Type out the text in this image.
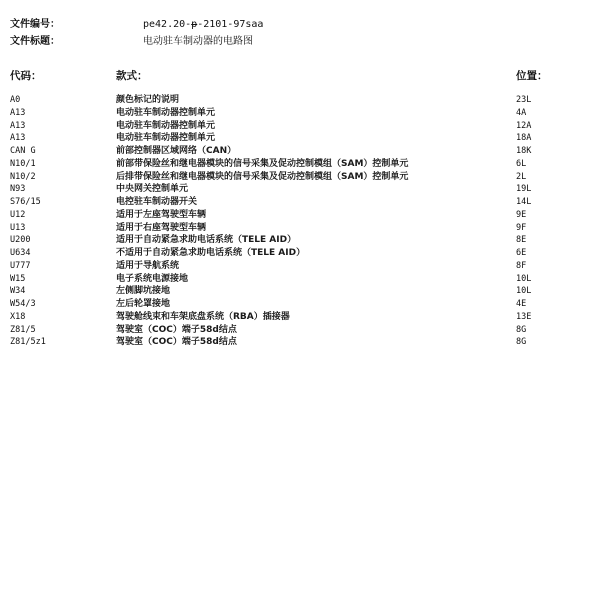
文件编号：	pe42.20-p-2101-97saa
文件标题：	电动驻车制动器的电路图
代码：	款式：	位置：
A0	颜色标记的说明	23L
A13	电动驻车制动器控制单元	4A
A13	电动驻车制动器控制单元	12A
A13	电动驻车制动器控制单元	18A
CAN G	前部控制器区域网络（CAN）	18K
N10/1	前部带保险丝和继电器模块的信号采集及促动控制模组（SAM）控制单元	6L
N10/2	后排带保险丝和继电器模块的信号采集及促动控制模组（SAM）控制单元	2L
N93	中央网关控制单元	19L
S76/15	电控驻车制动器开关	14L
U12	适用于左座驾驶型车辆	9E
U13	适用于右座驾驶型车辆	9F
U200	适用于自动紧急求助电话系统（TELE AID）	8E
U634	不适用于自动紧急求助电话系统（TELE AID）	6E
U777	适用于导航系统	8F
W15	电子系统电源接地	10L
W34	左侧脚坑接地	10L
W54/3	左后轮罩接地	4E
X18	驾驶舱线束和车架底盘系统（RBA）插接器	13E
Z81/5	驾驶室（COC）端子58d结点	8G
Z81/5z1	驾驶室（COC）端子58d结点	8G
